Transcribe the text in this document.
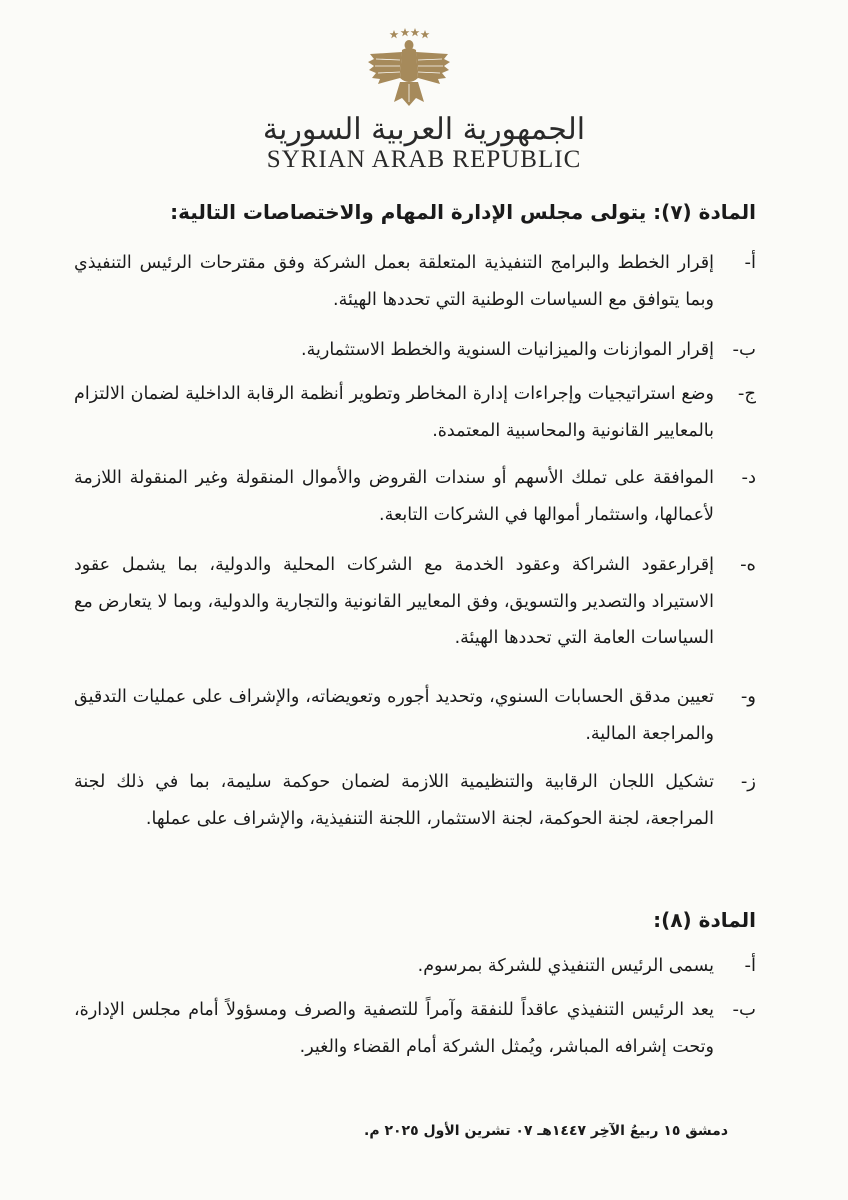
الجمهورية العربية السورية
SYRIAN ARAB REPUBLIC
المادة (٧): يتولى مجلس الإدارة المهام والاختصاصات التالية:
أ-
إقرار الخطط والبرامج التنفيذية المتعلقة بعمل الشركة وفق مقترحات الرئيس التنفيذي وبما يتوافق مع السياسات الوطنية التي تحددها الهيئة.
ب-
إقرار الموازنات والميزانيات السنوية والخطط الاستثمارية.
ج-
وضع استراتيجيات وإجراءات إدارة المخاطر وتطوير أنظمة الرقابة الداخلية لضمان الالتزام بالمعايير القانونية والمحاسبية المعتمدة.
د-
الموافقة على تملك الأسهم أو سندات القروض والأموال المنقولة وغير المنقولة اللازمة لأعمالها، واستثمار أموالها في الشركات التابعة.
ه-
إقرارعقود الشراكة وعقود الخدمة مع الشركات المحلية والدولية، بما يشمل عقود الاستيراد والتصدير والتسويق، وفق المعايير القانونية والتجارية والدولية، وبما لا يتعارض مع السياسات العامة التي تحددها الهيئة.
و-
تعيين مدقق الحسابات السنوي، وتحديد أجوره وتعويضاته، والإشراف على عمليات التدقيق والمراجعة المالية.
ز-
تشكيل اللجان الرقابية والتنظيمية اللازمة لضمان حوكمة سليمة، بما في ذلك لجنة المراجعة، لجنة الحوكمة، لجنة الاستثمار، اللجنة التنفيذية، والإشراف على عملها.
المادة (٨):
أ-
يسمى الرئيس التنفيذي للشركة بمرسوم.
ب-
يعد الرئيس التنفيذي عاقداً للنفقة وآمراً للتصفية والصرف ومسؤولاً أمام مجلس الإدارة، وتحت إشرافه المباشر، ويُمثل الشركة أمام القضاء والغير.
دمشق ١٥ ربيعُ الآخِر ١٤٤٧هـ ٠٧ تشرين الأول ٢٠٢٥ م.
